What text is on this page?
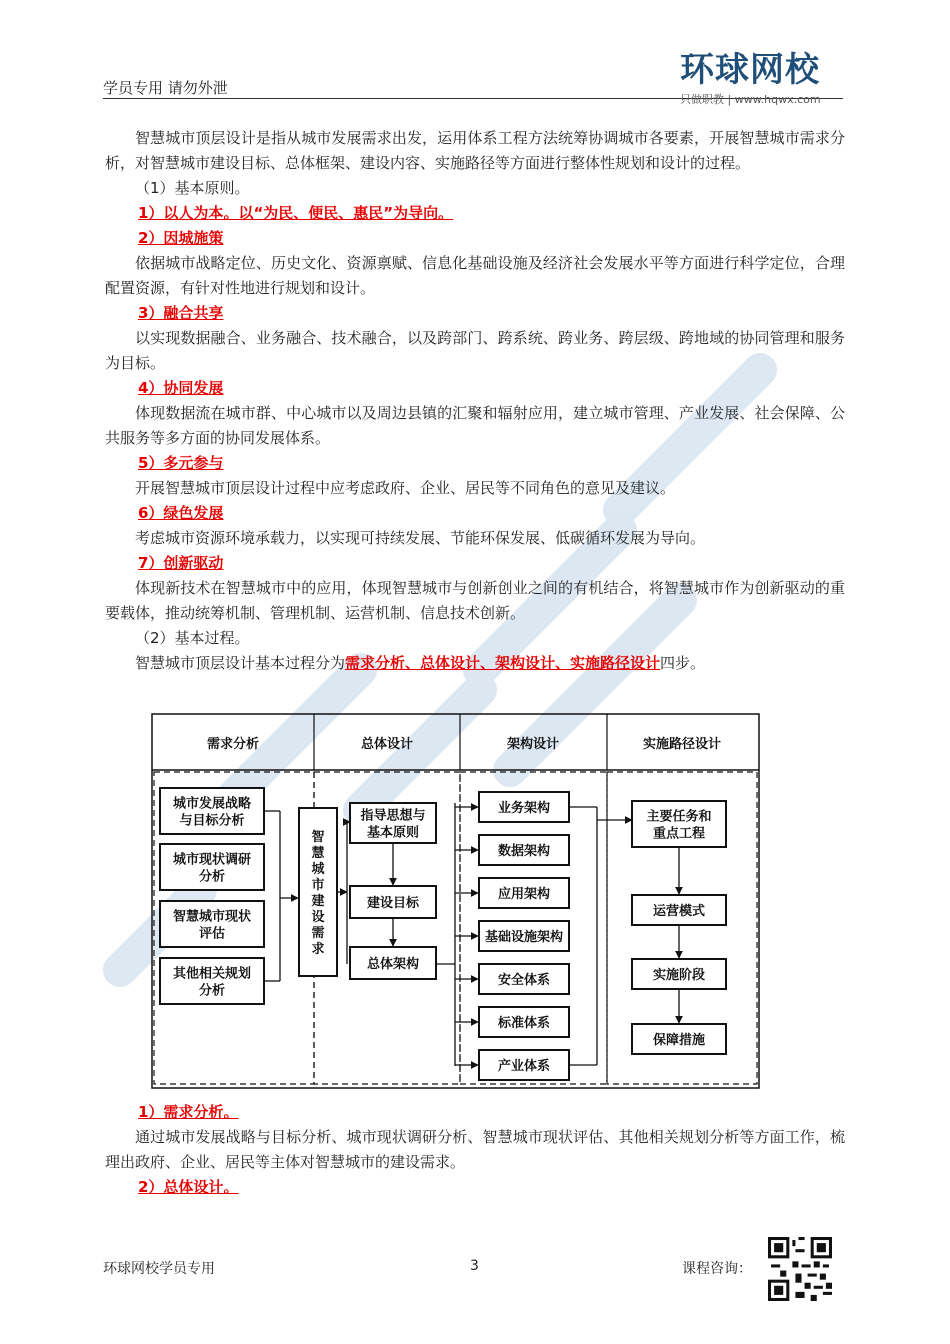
学员专用 请勿外泄	环球网校
只做职教 | www.hqwx.com

智慧城市顶层设计是指从城市发展需求出发，运用体系工程方法统筹协调城市各要素，开展智慧城市需求分析，对智慧城市建设目标、总体框架、建设内容、实施路径等方面进行整体性规划和设计的过程。

（1）基本原则。

1）以人为本。以“为民、便民、惠民”为导向。

2）因城施策

依据城市战略定位、历史文化、资源禀赋、信息化基础设施及经济社会发展水平等方面进行科学定位，合理配置资源，有针对性地进行规划和设计。

3）融合共享

以实现数据融合、业务融合、技术融合，以及跨部门、跨系统、跨业务、跨层级、跨地域的协同管理和服务为目标。

4）协同发展

体现数据流在城市群、中心城市以及周边县镇的汇聚和辐射应用，建立城市管理、产业发展、社会保障、公共服务等多方面的协同发展体系。

5）多元参与

开展智慧城市顶层设计过程中应考虑政府、企业、居民等不同角色的意见及建议。

6）绿色发展

考虑城市资源环境承载力，以实现可持续发展、节能环保发展、低碳循环发展为导向。

7）创新驱动

体现新技术在智慧城市中的应用，体现智慧城市与创新创业之间的有机结合，将智慧城市作为创新驱动的重要载体，推动统筹机制、管理机制、运营机制、信息技术创新。

（2）基本过程。

智慧城市顶层设计基本过程分为需求分析、总体设计、架构设计、实施路径设计四步。

需求分析	总体设计	架构设计	实施路径设计
城市发展战略与目标分析
城市现状调研分析
智慧城市现状评估
其他相关规划分析
智慧城市建设需求
指导思想与基本原则
建设目标
总体架构
业务架构
数据架构
应用架构
基础设施架构
安全体系
标准体系
产业体系
主要任务和重点工程
运营模式
实施阶段
保障措施

1）需求分析。

通过城市发展战略与目标分析、城市现状调研分析、智慧城市现状评估、其他相关规划分析等方面工作，梳理出政府、企业、居民等主体对智慧城市的建设需求。

2）总体设计。

环球网校学员专用	3	课程咨询：
